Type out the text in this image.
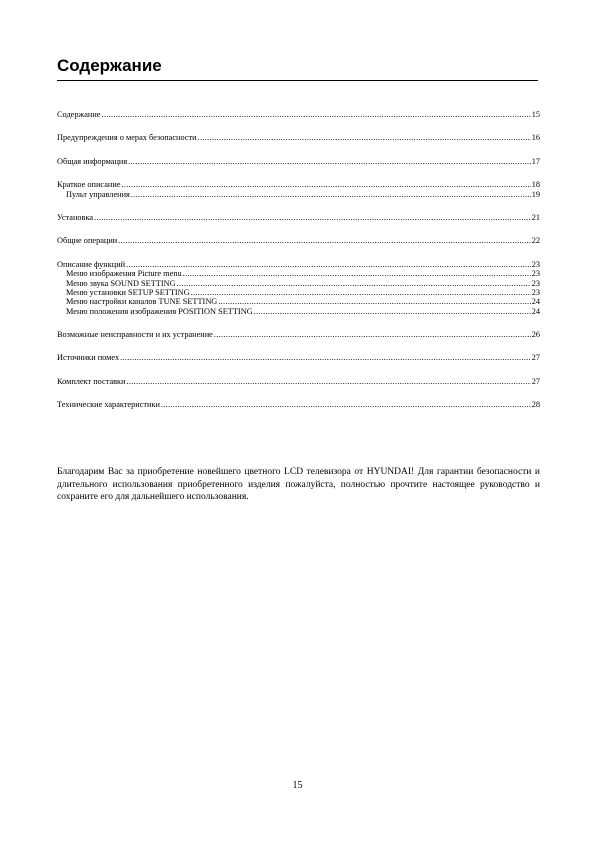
Содержание
Содержание .....	15
Предупреждения о мерах безопасности .....	16
Общая информация .....	17
Краткое описание .....	18
Пульт управления .....	19
Установка .....	21
Общие операции .....	22
Описание функций .....	23
Меню изображения Picture menu .....	23
Меню звука SOUND SETTING .....	23
Меню установки SETUP SETTING .....	23
Меню настройки каналов TUNE SETTING .....	24
Меню положения изображения POSITION SETTING .....	24
Возможные неисправности и их устранение .....	26
Источники помех .....	27
Комплект поставки .....	27
Технические характеристики .....	28

Благодарим Вас за приобретение новейшего цветного LCD телевизора от HYUNDAI! Для гарантии безопасности и длительного использования приобретенного изделия пожалуйста, полностью прочтите настоящее руководство и сохраните его для дальнейшего использования.

15
